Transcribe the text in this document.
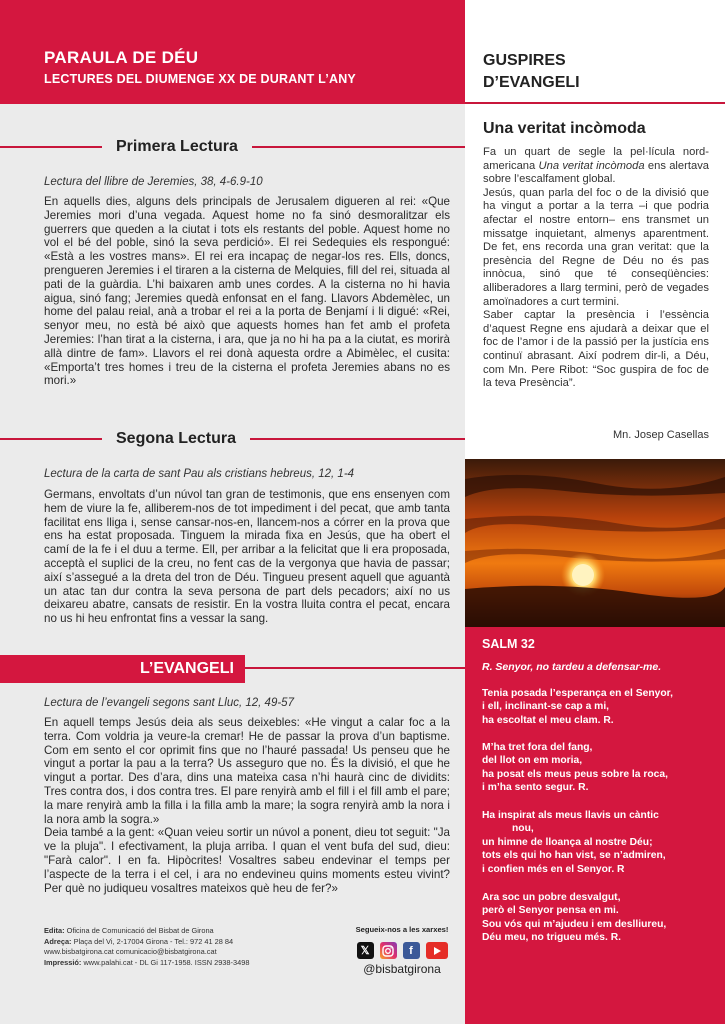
PARAULA DE DÉU
LECTURES DEL DIUMENGE XX DE DURANT L’ANY
Primera Lectura
Lectura del llibre de Jeremies, 38, 4-6.9-10
En aquells dies, alguns dels principals de Jerusalem digueren al rei: «Que Jeremies mori d’una vegada. Aquest home no fa sinó desmoralitzar els guerrers que queden a la ciutat i tots els restants del poble. Aquest home no vol el bé del poble, sinó la seva perdició». El rei Sedequies els respongué: «Està a les vostres mans». El rei era incapaç de negar-los res. Ells, doncs, prengueren Jeremies i el tiraren a la cisterna de Melquies, fill del rei, situada al pati de la guàrdia. L’hi baixaren amb unes cordes. A la cisterna no hi havia aigua, sinó fang; Jeremies quedà enfonsat en el fang. Llavors Abdemèlec, un home del palau reial, anà a trobar el rei a la porta de Benjamí i li digué: «Rei, senyor meu, no està bé això que aquests homes han fet amb el profeta Jeremies: l’han tirat a la cisterna, i ara, que ja no hi ha pa a la ciutat, es morirà allà dintre de fam». Llavors el rei donà aquesta ordre a Abimèlec, el cusita: «Emporta’t tres homes i treu de la cisterna el profeta Jeremies abans no es mori.»
Segona Lectura
Lectura de la carta de sant Pau als cristians hebreus, 12, 1-4
Germans, envoltats d’un núvol tan gran de testimonis, que ens ensenyen com hem de viure la fe, alliberem-nos de tot impediment i del pecat, que amb tanta facilitat ens lliga i, sense cansar-nos-en, llancem-nos a córrer en la prova que ens ha estat proposada. Tinguem la mirada fixa en Jesús, que ha obert el camí de la fe i el duu a terme. Ell, per arribar a la felicitat que li era proposada, acceptà el suplici de la creu, no fent cas de la vergonya que havia de passar; així s’assegué a la dreta del tron de Déu. Tingueu present aquell que aguantà un atac tan dur contra la seva persona de part dels pecadors; així no us deixareu abatre, cansats de resistir. En la vostra lluita contra el pecat, encara no us hi heu enfrontat fins a vessar la sang.
L’EVANGELI
Lectura de l’evangeli segons sant Lluc, 12, 49-57
En aquell temps Jesús deia als seus deixebles: «He vingut a calar foc a la terra. Com voldria ja veure-la cremar! He de passar la prova d’un baptisme. Com em sento el cor oprimit fins que no l’hauré passada! Us penseu que he vingut a portar la pau a la terra? Us asseguro que no. És la divisió, el que he vingut a portar. Des d’ara, dins una mateixa casa n’hi haurà cinc de dividits: Tres contra dos, i dos contra tres. El pare renyirà amb el fill i el fill amb el pare; la mare renyirà amb la filla i la filla amb la mare; la sogra renyirà amb la nora i la nora amb la sogra.»
Deia també a la gent: «Quan veieu sortir un núvol a ponent, dieu tot seguit: "Ja ve la pluja". I efectivament, la pluja arriba. I quan el vent bufa del sud, dieu: "Farà calor". I en fa. Hipòcrites! Vosaltres sabeu endevinar el temps per l’aspecte de la terra i el cel, i ara no endevineu quins moments esteu vivint? Per què no judiqueu vosaltres mateixos què heu de fer?»
Edita: Oficina de Comunicació del Bisbat de Girona
Adreça: Plaça del Vi, 2-17004 Girona - Tel.: 972 41 28 84
www.bisbatgirona.cat comunicacio@bisbatgirona.cat
Impressió: www.palahi.cat - DL Gi 117-1958. ISSN 2938-3498
Segueix-nos a les xarxes!
𝕏	f
@bisbatgirona
GUSPIRES
D’EVANGELI
Una veritat incòmoda
Fa un quart de segle la pel·lícula nord-americana Una veritat incòmoda ens alertava sobre l’escalfament global.
Jesús, quan parla del foc o de la divisió que ha vingut a portar a la terra –i que podria afectar el nostre entorn– ens transmet un missatge inquietant, almenys aparentment. De fet, ens recorda una gran veritat: que la presència del Regne de Déu no és pas innòcua, sinó que té conseqüències: alliberadores a llarg termini, però de vegades amoïnadores a curt termini.
Saber captar la presència i l’essència d’aquest Regne ens ajudarà a deixar que el foc de l’amor i de la passió per la justícia ens continuï abrasant. Així podrem dir-li, a Déu, com Mn. Pere Ribot: “Soc guspira de foc de la teva Presència”.
Mn. Josep Casellas
SALM 32
R. Senyor, no tardeu a defensar-me.
Tenia posada l’esperança en el Senyor,
i ell, inclinant-se cap a mi,
ha escoltat el meu clam. R.
M’ha tret fora del fang,
del llot on em moria,
ha posat els meus peus sobre la roca,
i m’ha sento segur. R.
Ha inspirat als meus llavis un càntic
nou,
un himne de lloança al nostre Déu;
tots els qui ho han vist, se n’admiren,
i confien més en el Senyor. R
Ara soc un pobre desvalgut,
però el Senyor pensa en mi.
Sou vós qui m’ajudeu i em deslliureu,
Déu meu, no trigueu més. R.
